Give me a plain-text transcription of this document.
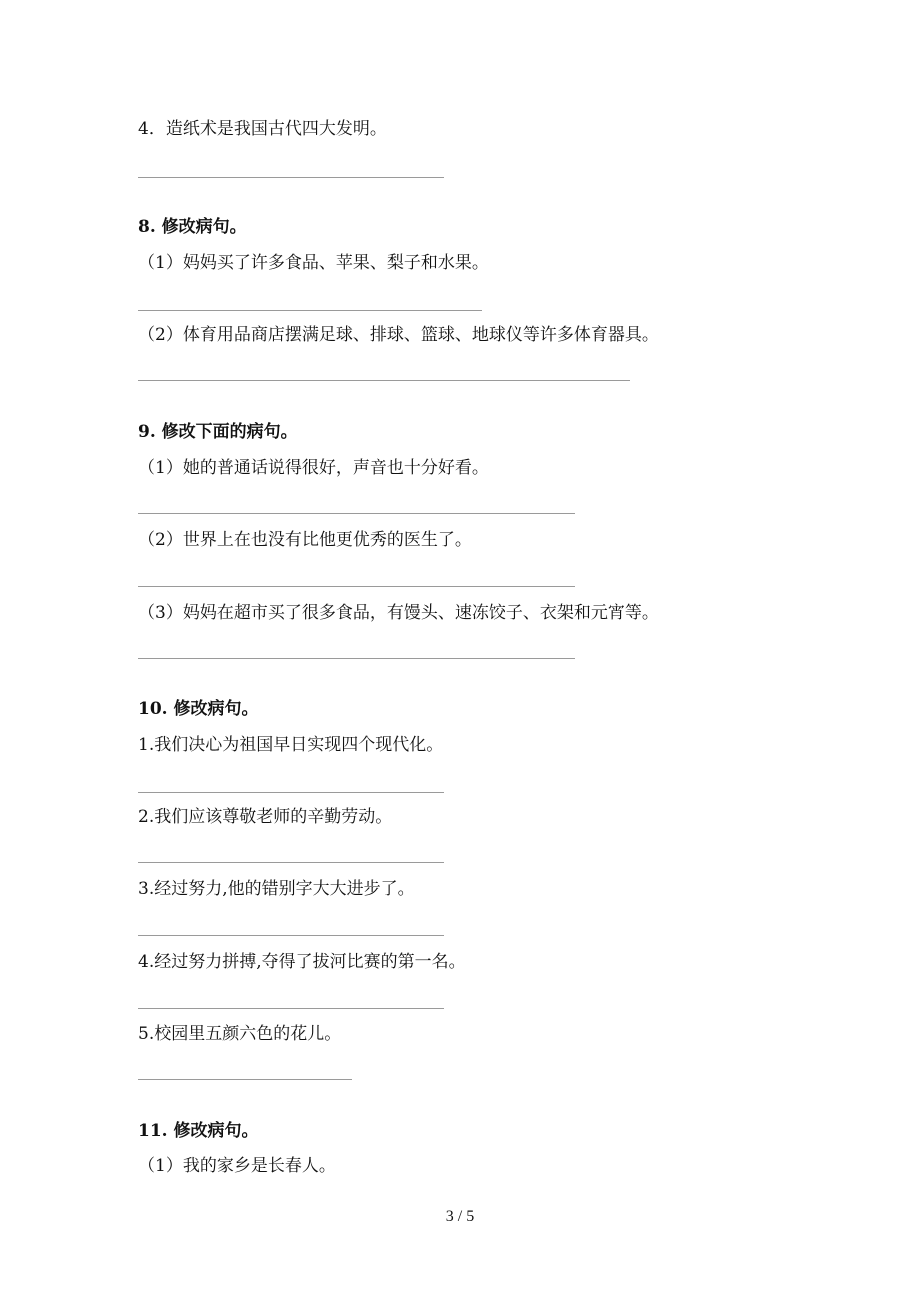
4．造纸术是我国古代四大发明。

8. 修改病句。

（1）妈妈买了许多食品、苹果、梨子和水果。

（2）体育用品商店摆满足球、排球、篮球、地球仪等许多体育器具。

9. 修改下面的病句。

（1）她的普通话说得很好，声音也十分好看。

（2）世界上在也没有比他更优秀的医生了。

（3）妈妈在超市买了很多食品，有馒头、速冻饺子、衣架和元宵等。

10. 修改病句。

1.我们决心为祖国早日实现四个现代化。

2.我们应该尊敬老师的辛勤劳动。

3.经过努力,他的错别字大大进步了。

4.经过努力拼搏,夺得了拔河比赛的第一名。

5.校园里五颜六色的花儿。

11. 修改病句。

（1）我的家乡是长春人。

3 / 5
